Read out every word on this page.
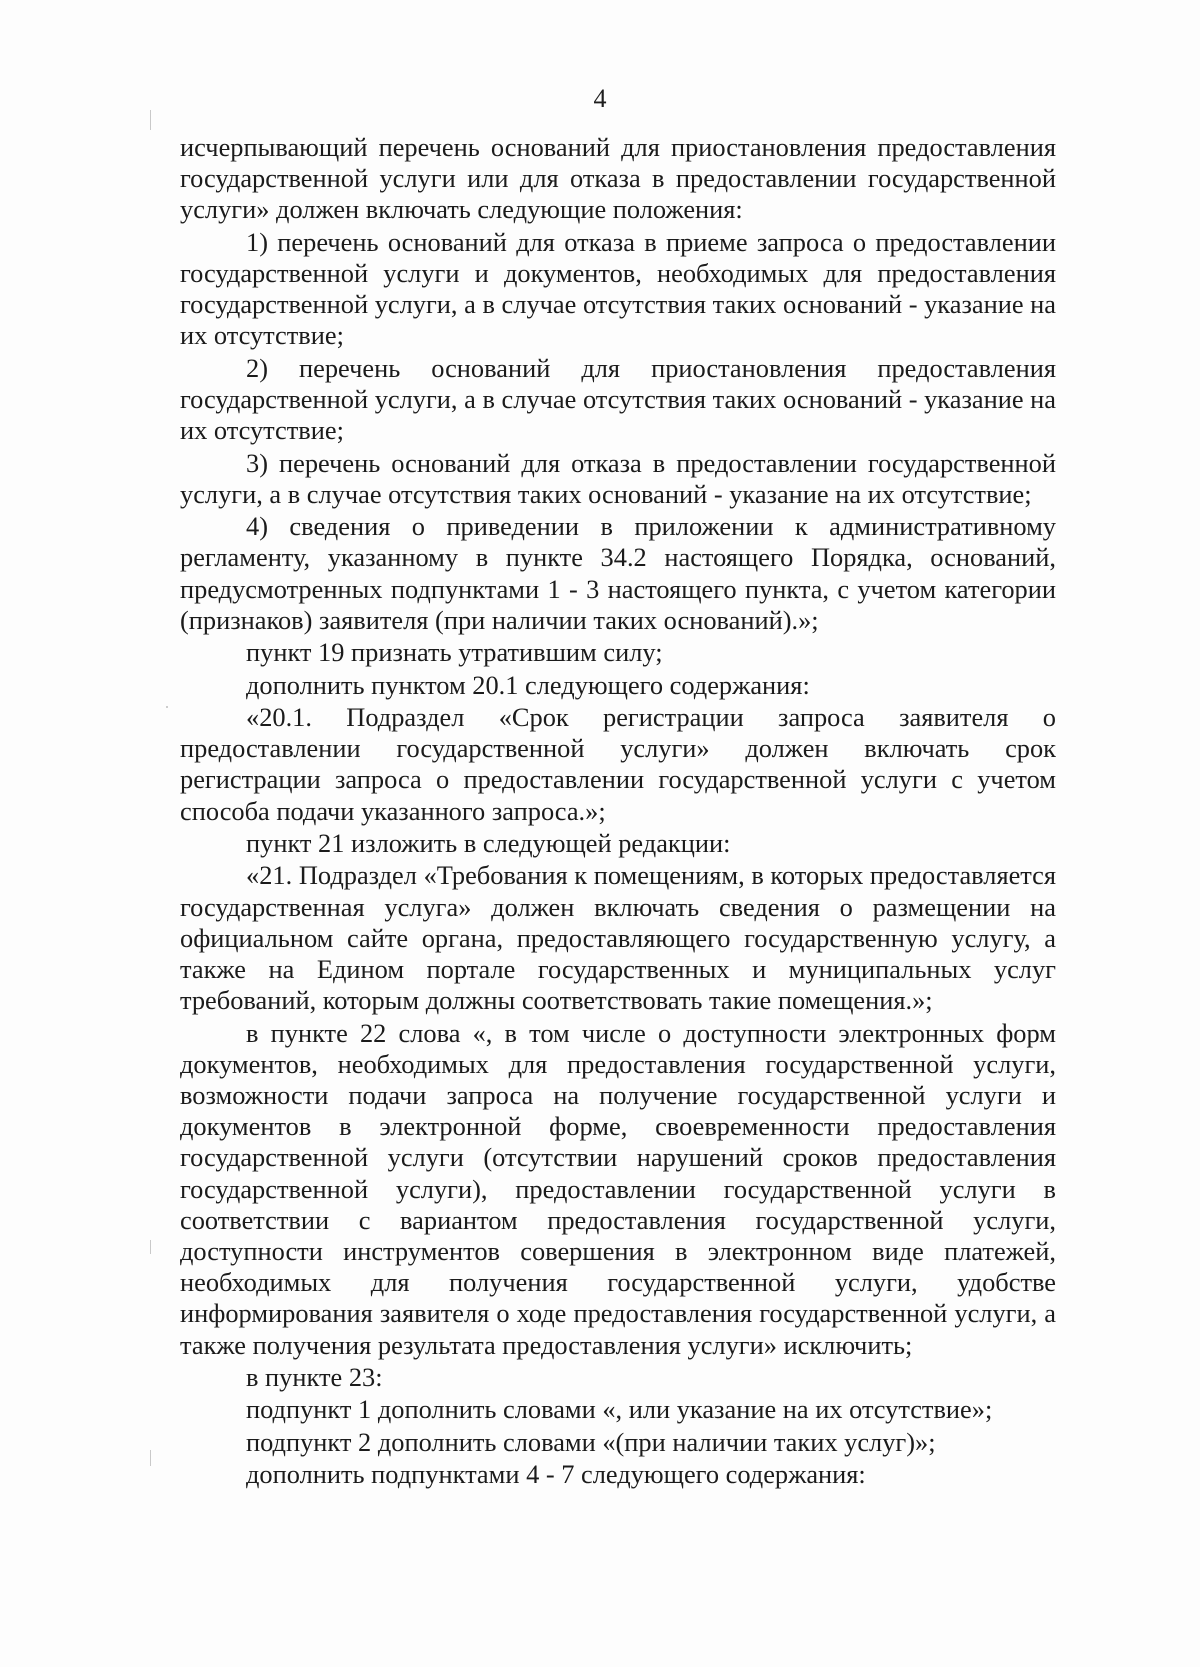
4

исчерпывающий перечень оснований для приостановления предоставления государственной услуги или для отказа в предоставлении государственной услуги» должен включать следующие положения:

1) перечень оснований для отказа в приеме запроса о предоставлении государственной услуги и документов, необходимых для предоставления государственной услуги, а в случае отсутствия таких оснований - указание на их отсутствие;

2) перечень оснований для приостановления предоставления государственной услуги, а в случае отсутствия таких оснований - указание на их отсутствие;

3) перечень оснований для отказа в предоставлении государственной услуги, а в случае отсутствия таких оснований - указание на их отсутствие;

4) сведения о приведении в приложении к административному регламенту, указанному в пункте 34.2 настоящего Порядка, оснований, предусмотренных подпунктами 1 - 3 настоящего пункта, с учетом категории (признаков) заявителя (при наличии таких оснований).»;

пункт 19 признать утратившим силу;

дополнить пунктом 20.1 следующего содержания:

«20.1. Подраздел «Срок регистрации запроса заявителя о предоставлении государственной услуги» должен включать срок регистрации запроса о предоставлении государственной услуги с учетом способа подачи указанного запроса.»;

пункт 21 изложить в следующей редакции:

«21. Подраздел «Требования к помещениям, в которых предоставляется государственная услуга» должен включать сведения о размещении на официальном сайте органа, предоставляющего государственную услугу, а также на Едином портале государственных и муниципальных услуг требований, которым должны соответствовать такие помещения.»;

в пункте 22 слова «, в том числе о доступности электронных форм документов, необходимых для предоставления государственной услуги, возможности подачи запроса на получение государственной услуги и документов в электронной форме, своевременности предоставления государственной услуги (отсутствии нарушений сроков предоставления государственной услуги), предоставлении государственной услуги в соответствии с вариантом предоставления государственной услуги, доступности инструментов совершения в электронном виде платежей, необходимых для получения государственной услуги, удобстве информирования заявителя о ходе предоставления государственной услуги, а также получения результата предоставления услуги» исключить;

в пункте 23:

подпункт 1 дополнить словами «, или указание на их отсутствие»;

подпункт 2 дополнить словами «(при наличии таких услуг)»;

дополнить подпунктами 4 - 7 следующего содержания:
